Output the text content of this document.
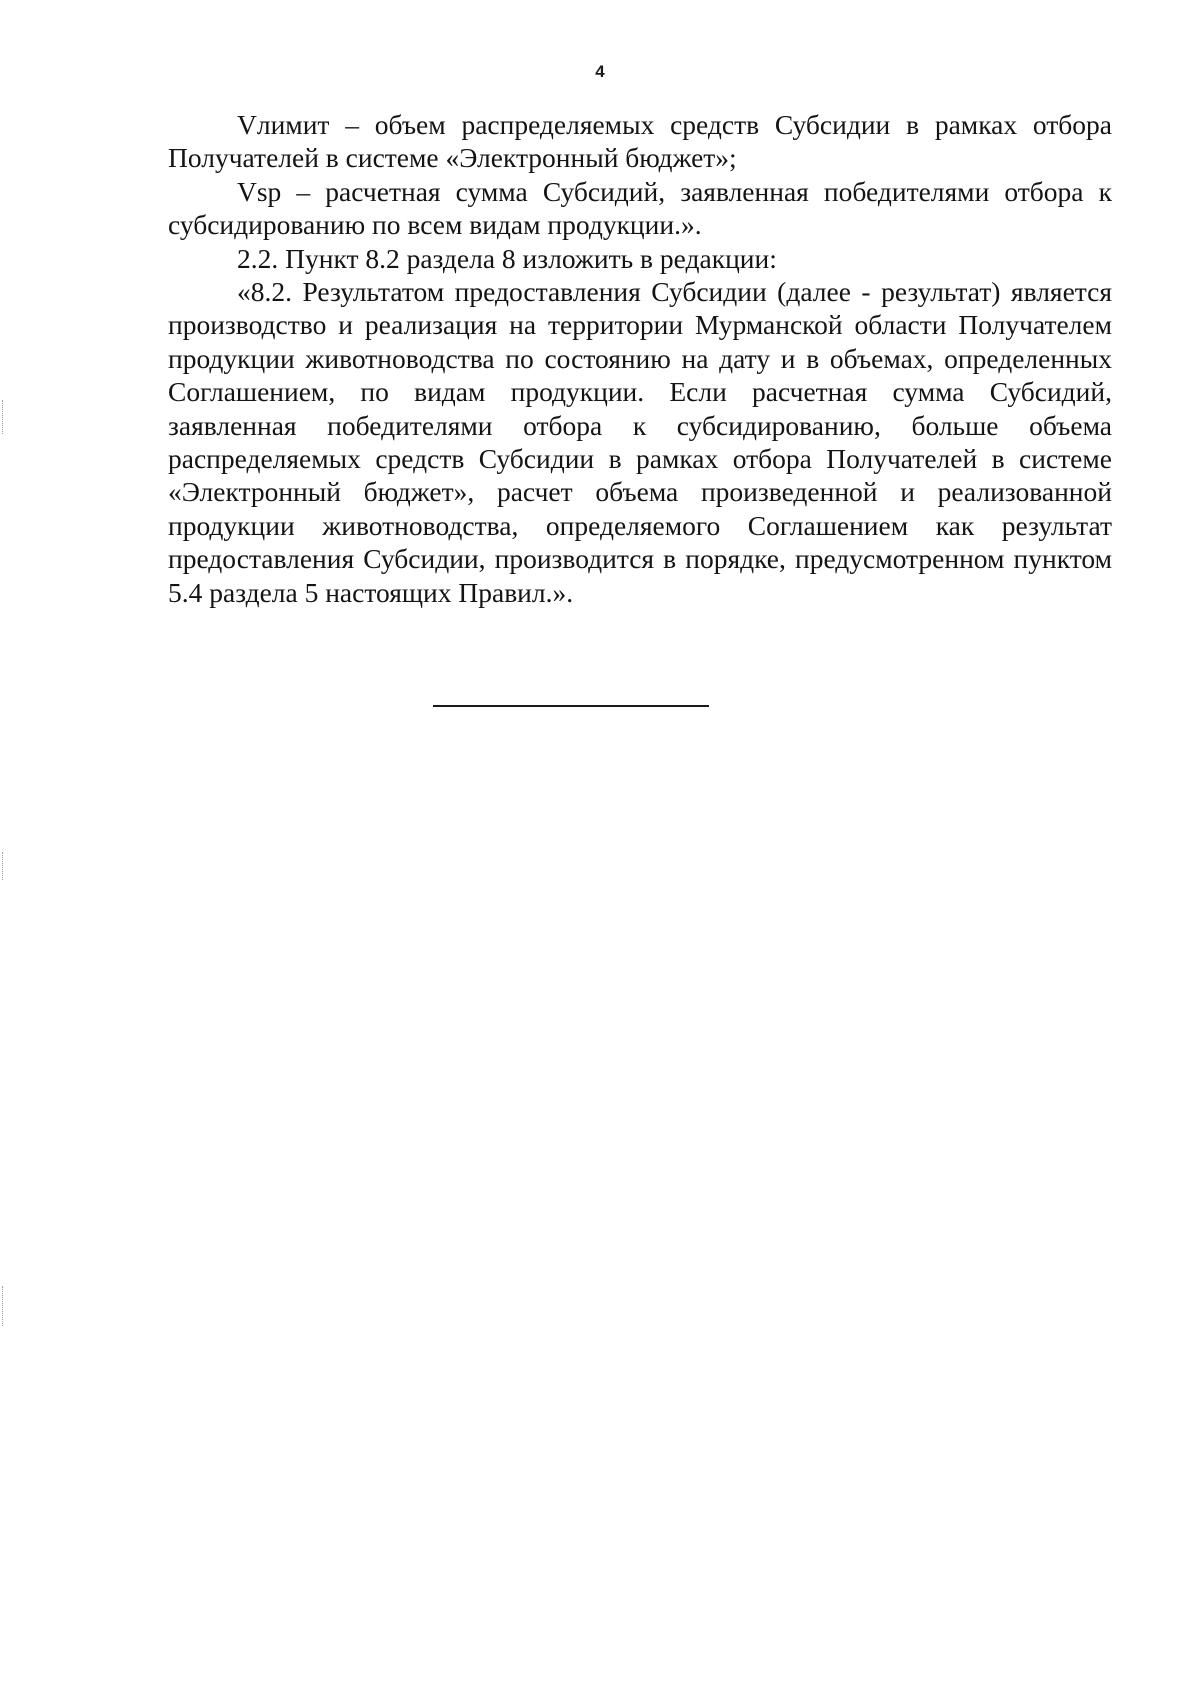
4

Vлимит – объем распределяемых средств Субсидии в рамках отбора Получателей в системе «Электронный бюджет»;

Vsp – расчетная сумма Субсидий, заявленная победителями отбора к субсидированию по всем видам продукции.».

2.2. Пункт 8.2 раздела 8 изложить в редакции:

«8.2. Результатом предоставления Субсидии (далее - результат) является производство и реализация на территории Мурманской области Получателем продукции животноводства по состоянию на дату и в объемах, определенных Соглашением, по видам продукции. Если расчетная сумма Субсидий, заявленная победителями отбора к субсидированию, больше объема распределяемых средств Субсидии в рамках отбора Получателей в системе «Электронный бюджет», расчет объема произведенной и реализованной продукции животноводства, определяемого Соглашением как результат предоставления Субсидии, производится в порядке, предусмотренном пунктом 5.4 раздела 5 настоящих Правил.».
